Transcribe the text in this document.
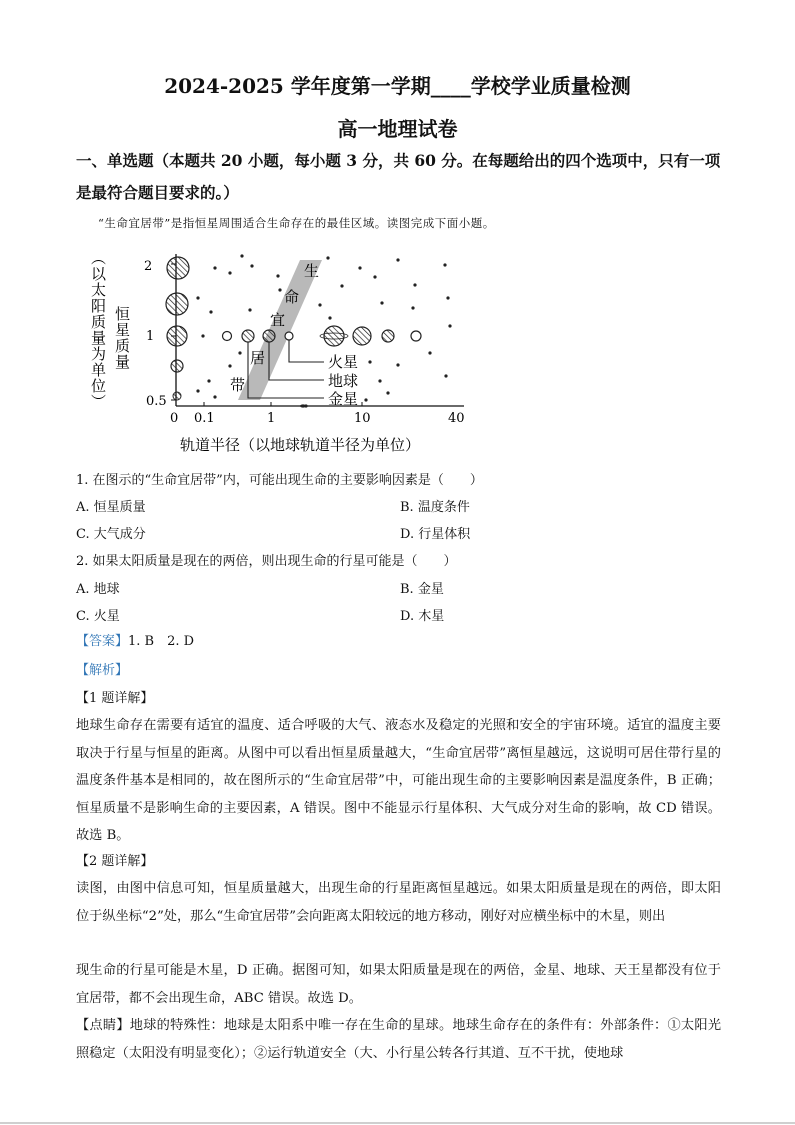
2024-2025 学年度第一学期____学校学业质量检测
高一地理试卷
一、单选题（本题共 20 小题，每小题 3 分，共 60 分。在每题给出的四个选项中，只有一项
是最符合题目要求的。）
“生命宜居带”是指恒星周围适合生命存在的最佳区域。读图完成下面小题。
（以太阳质量为单位） 恒星质量
2
1
0.5
0 0.1	1	10	40
轨道半径（以地球轨道半径为单位）
生
命
宜
居
带
火星
地球
金星
1. 在图示的“生命宜居带”内，可能出现生命的主要影响因素是（　　）
A. 恒星质量	B. 温度条件
C. 大气成分	D. 行星体积
2. 如果太阳质量是现在的两倍，则出现生命的行星可能是（　　）
A. 地球	B. 金星
C. 火星	D. 木星
【答案】1. B　2. D
【解析】
【1 题详解】
地球生命存在需要有适宜的温度、适合呼吸的大气、液态水及稳定的光照和安全的宇宙环境。适宜的温度主要取决于行星与恒星的距离。从图中可以看出恒星质量越大，“生命宜居带”离恒星越远，这说明可居住带行星的温度条件基本是相同的，故在图所示的“生命宜居带”中，可能出现生命的主要影响因素是温度条件，B 正确；恒星质量不是影响生命的主要因素，A 错误。图中不能显示行星体积、大气成分对生命的影响，故 CD 错误。故选 B。
【2 题详解】
读图，由图中信息可知，恒星质量越大，出现生命的行星距离恒星越远。如果太阳质量是现在的两倍，即太阳位于纵坐标“2”处，那么“生命宜居带”会向距离太阳较远的地方移动，刚好对应横坐标中的木星，则出
现生命的行星可能是木星，D 正确。据图可知，如果太阳质量是现在的两倍，金星、地球、天王星都没有位于宜居带，都不会出现生命，ABC 错误。故选 D。
【点睛】地球的特殊性：地球是太阳系中唯一存在生命的星球。地球生命存在的条件有：外部条件：①太阳光照稳定（太阳没有明显变化）；②运行轨道安全（大、小行星公转各行其道、互不干扰，使地球
